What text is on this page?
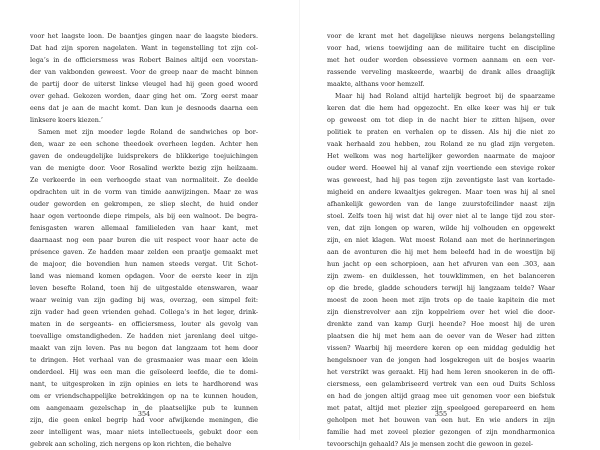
voor het laagste loon. De baantjes gingen naar de laagste bieders.
Dat had zijn sporen nagelaten. Want in tegenstelling tot zijn col-
lega’s in de officiersmess was Robert Baines altijd een voorstan-
der van vakbonden geweest. Voor de greep naar de macht binnen
de partij door de uiterst linkse vleugel had hij geen goed woord
over gehad. Gekozen worden, daar ging het om. ‘Zorg eerst maar
eens dat je aan de macht komt. Dan kun je desnoods daarna een
linksere koers kiezen.’
Samen met zijn moeder legde Roland de sandwiches op bor-
den, waar ze een schone theedoek overheen legden. Achter hen
gaven de ondeugdelijke luidsprekers de blikkerige toejuichingen
van de menigte door. Voor Rosalind werkte bezig zijn heilzaam.
Ze verkeerde in een verhoogde staat van normaliteit. Ze deelde
opdrachten uit in de vorm van timide aanwijzingen. Maar ze was
ouder geworden en gekrompen, ze sliep slecht, de huid onder
haar ogen vertoonde diepe rimpels, als bij een walnoot. De begra-
fenisgasten waren allemaal familieleden van haar kant, met
daarnaast nog een paar buren die uit respect voor haar acte de
présence gaven. Ze hadden maar zelden een praatje gemaakt met
de majoor, die bovendien hun namen steeds vergat. Uit Schot-
land was niemand komen opdagen. Voor de eerste keer in zijn
leven besefte Roland, toen hij de uitgestalde etenswaren, waar
waar weinig van zijn gading bij was, overzag, een simpel feit:
zijn vader had geen vrienden gehad. Collega’s in het leger, drink-
maten in de sergeants- en officiersmess, louter als gevolg van
toevallige omstandigheden. Ze hadden niet jarenlang deel uitge-
maakt van zijn leven. Pas nu begon dat langzaam tot hem door
te dringen. Het verhaal van de grasmaaier was maar een klein
onderdeel. Hij was een man die geïsoleerd leefde, die te domi-
nant, te uitgesproken in zijn opinies en iets te hardhorend was
om er vriendschappelijke betrekkingen op na te kunnen houden,
om aangenaam gezelschap in de plaatselijke pub te kunnen
zijn, die geen enkel begrip had voor afwijkende meningen, die
zeer intelligent was, maar niets intellectueels, gebukt door een
gebrek aan scholing, zich nergens op kon richten, die behalve
354
voor de krant met het dagelijkse nieuws nergens belangstelling
voor had, wiens toewijding aan de militaire tucht en discipline
met het ouder worden obsessieve vormen aannam en een ver-
rassende verveling maskeerde, waarbij de drank alles draaglijk
maakte, althans voor hemzelf.
Maar hij had Roland altijd hartelijk begroet bij de spaarzame
keren dat die hem had opgezocht. En elke keer was hij er tuk
op geweest om tot diep in de nacht bier te zitten hijsen, over
politiek te praten en verhalen op te dissen. Als hij die niet zo
vaak herhaald zou hebben, zou Roland ze nu glad zijn vergeten.
Het welkom was nog hartelijker geworden naarmate de majoor
ouder werd. Hoewel hij al vanaf zijn veertiende een stevige roker
was geweest, had hij pas tegen zijn zeventigste last van kortade-
migheid en andere kwaaltjes gekregen. Maar toen was hij al snel
afhankelijk geworden van de lange zuurstofcilinder naast zijn
stoel. Zelfs toen hij wist dat hij over niet al te lange tijd zou ster-
ven, dat zijn longen op waren, wilde hij volhouden en opgewekt
zijn, en niet klagen. Wat moest Roland aan met de herinneringen
aan de avonturen die hij met hem beleefd had in de woestijn bij
hun jacht op een schorpioen, aan het afvuren van een .303, aan
zijn zwem- en duiklessen, het touwklimmen, en het balanceren
op die brede, gladde schouders terwijl hij langzaam telde? Waar
moest de zoon heen met zijn trots op de taaie kapitein die met
zijn dienstrevolver aan zijn koppelriem over het wiel die door-
drenkte zand van kamp Gurji heende? Hoe moest hij de uren
plaatsen die hij met hem aan de oever van de Weser had zitten
vissen? Waarbij hij meerdere keren op een middag geduldig het
hengelsnoer van de jongen had losgekregen uit de bosjes waarin
het verstrikt was geraakt. Hij had hem leren snookeren in de offi-
ciersmess, een gelambriseerd vertrek van een oud Duits Schloss
en had de jongen altijd graag mee uit genomen voor een biefstuk
met patat, altijd met plezier zijn speelgoed gerepareerd en hem
geholpen met het bouwen van een hut. En wie anders in zijn
familie had met zoveel plezier gezongen of zijn mondharmonica
tevoorschijn gehaald? Als je mensen zocht die gewoon in gezel-
355
